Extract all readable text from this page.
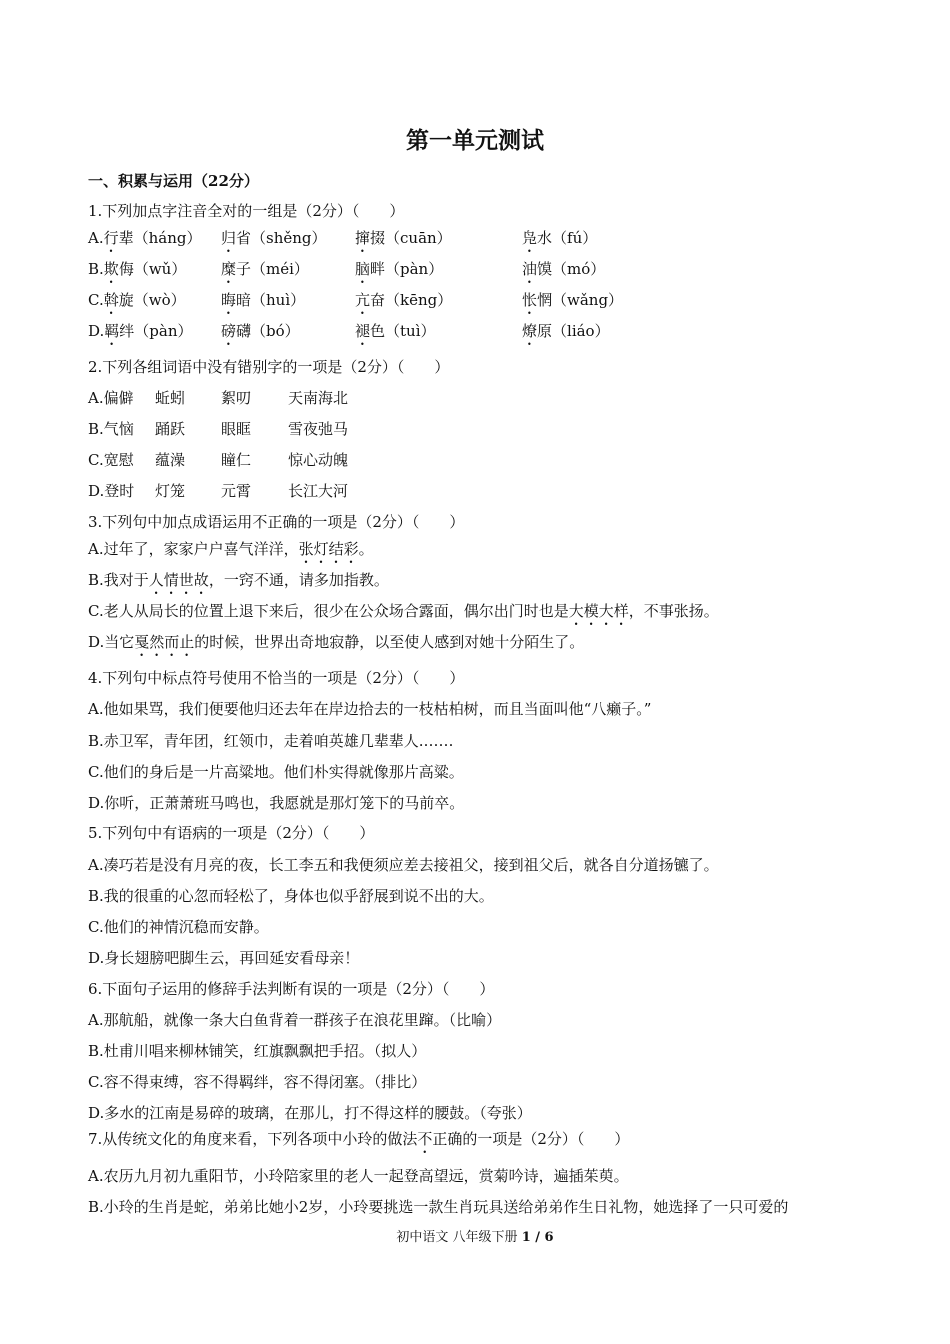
第一单元测试
一、积累与运用（22分）
1.下列加点字注音全对的一组是（2分）（　　）
A.行辈（háng） 归省（shěng） 撺掇（cuān）	凫水（fú）
B.欺侮（wǔ） 糜子（méi）	脑畔（pàn）	油馍（mó）
C.斡旋（wò） 晦暗（huì）	亢奋（kēng）	怅惘（wǎng）
D.羁绊（pàn） 磅礴（bó）	褪色（tuì）	燎原（liáo）
2.下列各组词语中没有错别字的一项是（2分）（　　）
A.偏僻 蚯蚓 絮叨 天南海北
B.气恼 踊跃 眼眶 雪夜弛马
C.宽慰 蕴澡 瞳仁 惊心动魄
D.登时 灯笼 元霄 长江大河
3.下列句中加点成语运用不正确的一项是（2分）（　　）
A.过年了，家家户户喜气洋洋，张灯结彩。
B.我对于人情世故，一窍不通，请多加指教。
C.老人从局长的位置上退下来后，很少在公众场合露面，偶尔出门时也是大模大样，不事张扬。
D.当它戛然而止的时候，世界出奇地寂静，以至使人感到对她十分陌生了。
4.下列句中标点符号使用不恰当的一项是（2分）（　　）
A.他如果骂，我们便要他归还去年在岸边拾去的一枝枯柏树，而且当面叫他“八癞子。”
B.赤卫军，青年团，红领巾，走着咱英雄几辈辈人.……
C.他们的身后是一片高粱地。他们朴实得就像那片高粱。
D.你听，正萧萧班马鸣也，我愿就是那灯笼下的马前卒。
5.下列句中有语病的一项是（2分）（　　）
A.凑巧若是没有月亮的夜，长工李五和我便须应差去接祖父，接到祖父后，就各自分道扬镳了。
B.我的很重的心忽而轻松了，身体也似乎舒展到说不出的大。
C.他们的神情沉稳而安静。
D.身长翅膀吧脚生云，再回延安看母亲！
6.下面句子运用的修辞手法判断有误的一项是（2分）（　　）
A.那航船，就像一条大白鱼背着一群孩子在浪花里蹿。（比喻）
B.杜甫川唱来柳林铺笑，红旗飘飘把手招。（拟人）
C.容不得束缚，容不得羁绊，容不得闭塞。（排比）
D.多水的江南是易碎的玻璃，在那儿，打不得这样的腰鼓。（夸张）
7.从传统文化的角度来看，下列各项中小玲的做法不正确的一项是（2分）（　　）
A.农历九月初九重阳节，小玲陪家里的老人一起登高望远，赏菊吟诗，遍插茱萸。
B.小玲的生肖是蛇，弟弟比她小2岁，小玲要挑选一款生肖玩具送给弟弟作生日礼物，她选择了一只可爱的
初中语文 八年级下册 1 / 6
